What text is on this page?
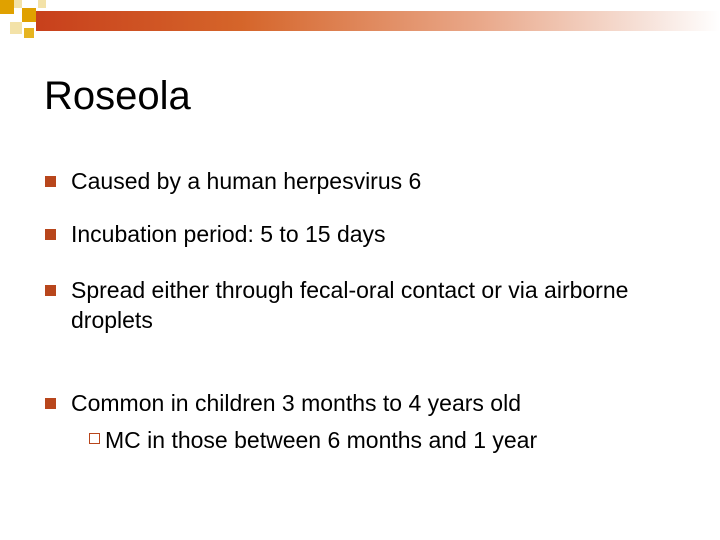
Roseola
Caused by a human herpesvirus 6
Incubation period: 5 to 15 days
Spread either through fecal-oral contact or via airborne droplets
Common in children 3 months to 4 years old
MC in those between 6 months and 1 year
